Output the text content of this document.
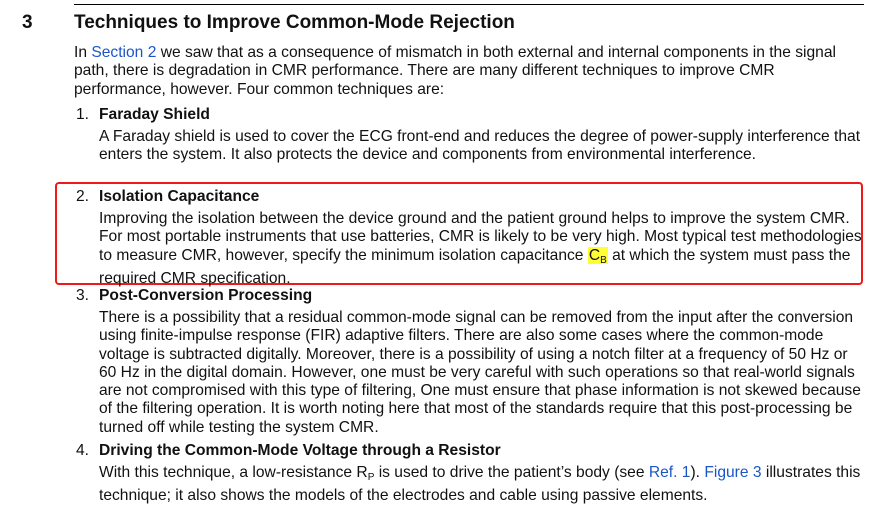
3 Techniques to Improve Common-Mode Rejection
In Section 2 we saw that as a consequence of mismatch in both external and internal components in the signal path, there is degradation in CMR performance. There are many different techniques to improve CMR performance, however. Four common techniques are:
1. Faraday Shield
A Faraday shield is used to cover the ECG front-end and reduces the degree of power-supply interference that enters the system. It also protects the device and components from environmental interference.
2. Isolation Capacitance
Improving the isolation between the device ground and the patient ground helps to improve the system CMR. For most portable instruments that use batteries, CMR is likely to be very high. Most typical test methodologies to measure CMR, however, specify the minimum isolation capacitance $C_B$ at which the system must pass the required CMR specification.
3. Post-Conversion Processing
There is a possibility that a residual common-mode signal can be removed from the input after the conversion using finite-impulse response (FIR) adaptive filters. There are also some cases where the common-mode voltage is subtracted digitally. Moreover, there is a possibility of using a notch filter at a frequency of 50 Hz or 60 Hz in the digital domain. However, one must be very careful with such operations so that real-world signals are not compromised with this type of filtering, One must ensure that phase information is not skewed because of the filtering operation. It is worth noting here that most of the standards require that this post-processing be turned off while testing the system CMR.
4. Driving the Common-Mode Voltage through a Resistor
With this technique, a low-resistance $R_P$ is used to drive the patient’s body (see Ref. 1). Figure 3 illustrates this technique; it also shows the models of the electrodes and cable using passive elements.
